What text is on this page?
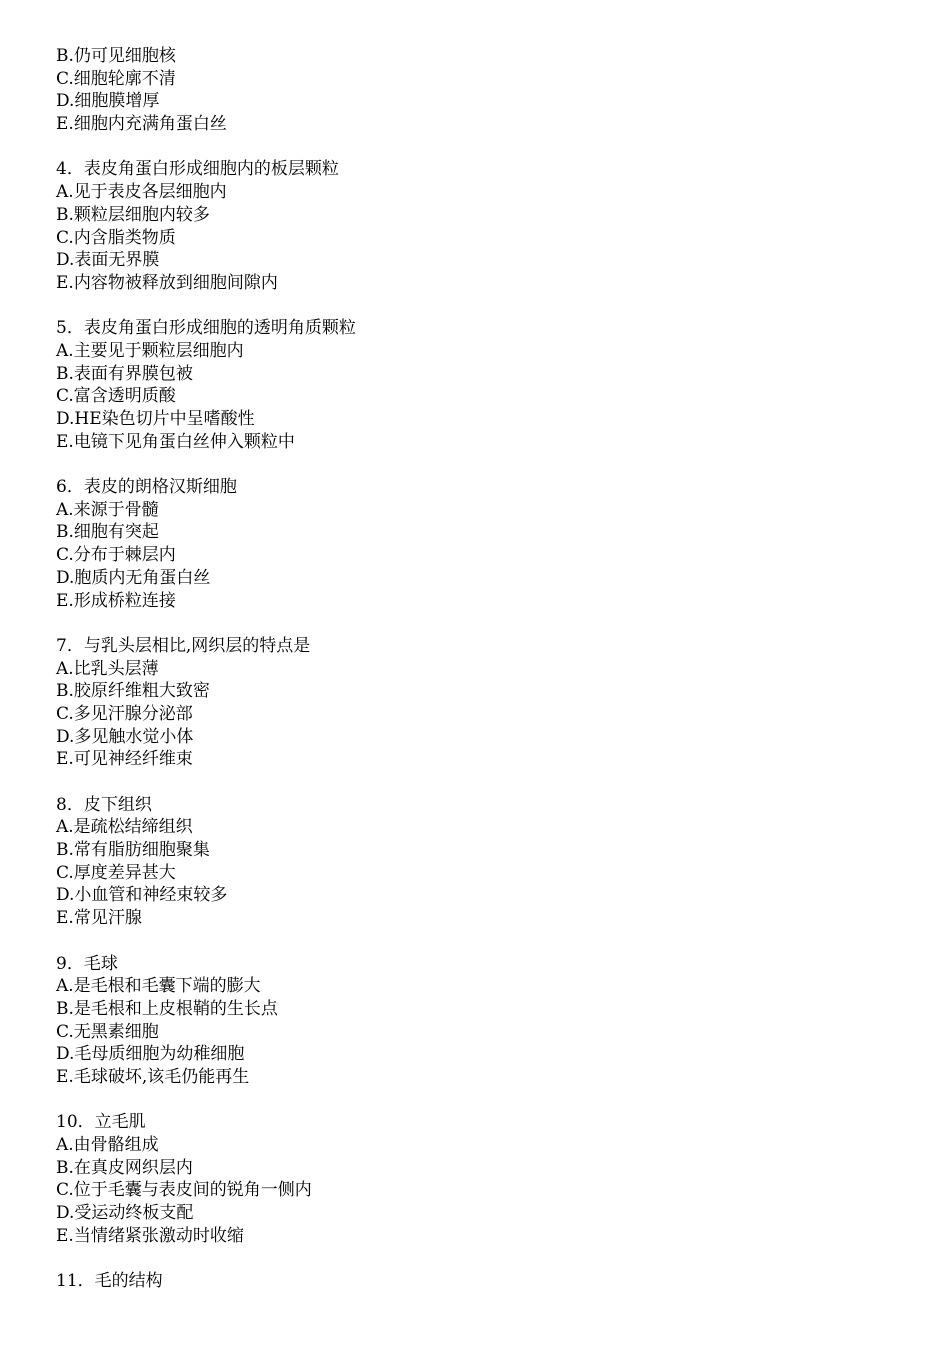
B.仍可见细胞核
C.细胞轮廓不清
D.细胞膜增厚
E.细胞内充满角蛋白丝
4．表皮角蛋白形成细胞内的板层颗粒
A.见于表皮各层细胞内
B.颗粒层细胞内较多
C.内含脂类物质
D.表面无界膜
E.内容物被释放到细胞间隙内
5．表皮角蛋白形成细胞的透明角质颗粒
A.主要见于颗粒层细胞内
B.表面有界膜包被
C.富含透明质酸
D.HE染色切片中呈嗜酸性
E.电镜下见角蛋白丝伸入颗粒中
6．表皮的朗格汉斯细胞
A.来源于骨髓
B.细胞有突起
C.分布于棘层内
D.胞质内无角蛋白丝
E.形成桥粒连接
7．与乳头层相比,网织层的特点是
A.比乳头层薄
B.胶原纤维粗大致密
C.多见汗腺分泌部
D.多见触水觉小体
E.可见神经纤维束
8．皮下组织
A.是疏松结缔组织
B.常有脂肪细胞聚集
C.厚度差异甚大
D.小血管和神经束较多
E.常见汗腺
9．毛球
A.是毛根和毛囊下端的膨大
B.是毛根和上皮根鞘的生长点
C.无黑素细胞
D.毛母质细胞为幼稚细胞
E.毛球破坏,该毛仍能再生
10．立毛肌
A.由骨骼组成
B.在真皮网织层内
C.位于毛囊与表皮间的锐角一侧内
D.受运动终板支配
E.当情绪紧张激动时收缩
11．毛的结构
